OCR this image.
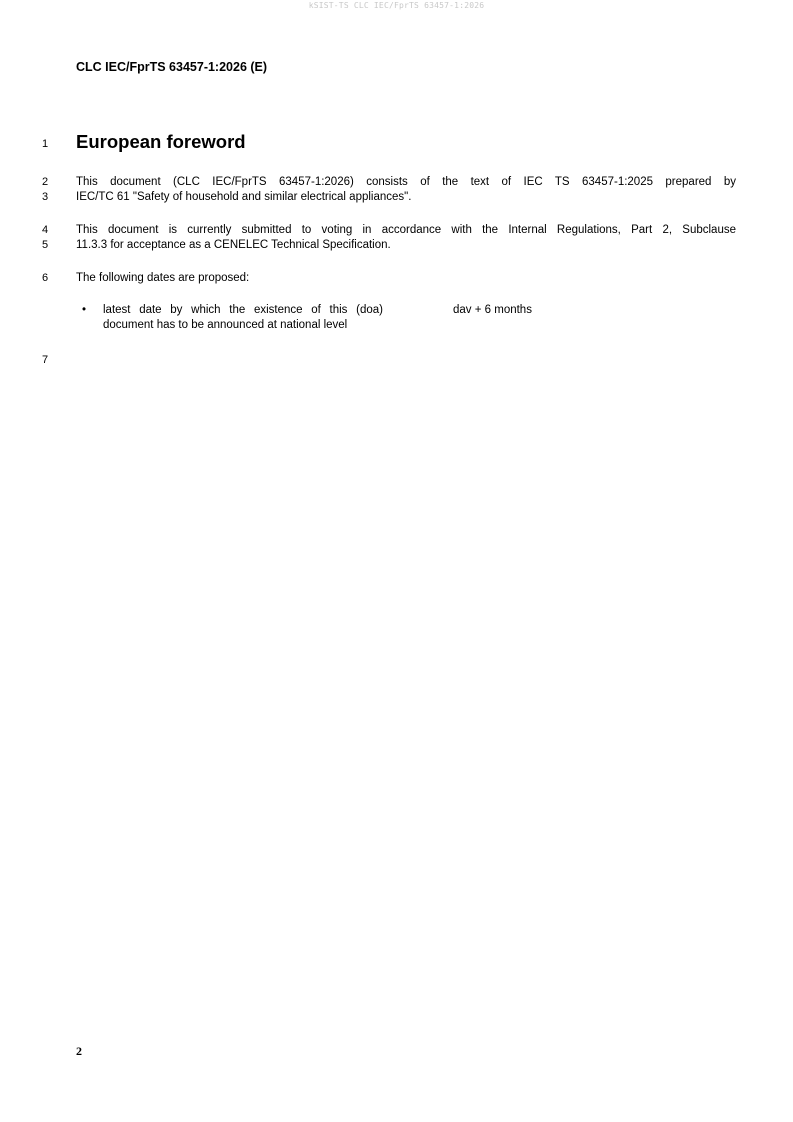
kSIST-TS CLC IEC/FprTS 63457-1:2026
CLC IEC/FprTS 63457-1:2026 (E)
1
2
3
4
5
6
7
European foreword
This document (CLC IEC/FprTS 63457-1:2026) consists of the text of IEC TS 63457-1:2025 prepared by
IEC/TC 61 "Safety of household and similar electrical appliances".
This document is currently submitted to voting in accordance with the Internal Regulations, Part 2, Subclause
11.3.3 for acceptance as a CENELEC Technical Specification.
The following dates are proposed:
• latest date by which the existence of this (doa)
document has to be announced at national level
dav + 6 months
2
